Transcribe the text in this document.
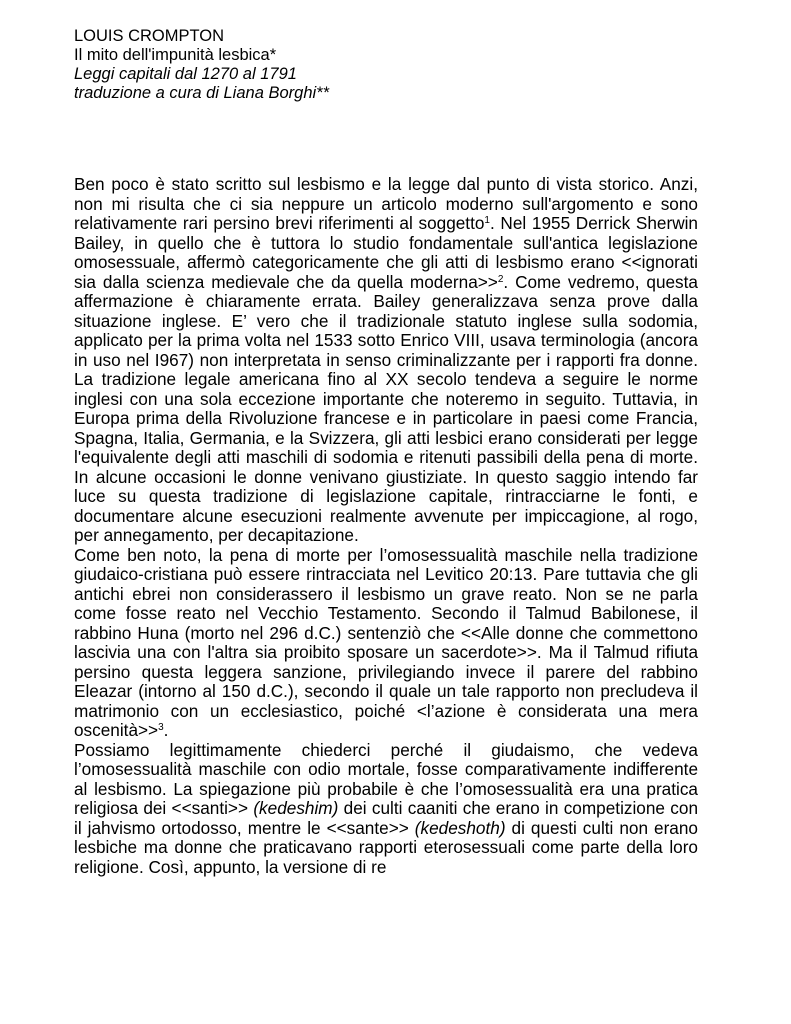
LOUIS CROMPTON
Il mito dell'impunità lesbica*
Leggi capitali dal 1270 al 1791
traduzione a cura di Liana Borghi**

Ben poco è stato scritto sul lesbismo e la legge dal punto di vista storico. Anzi, non mi risulta che ci sia neppure un articolo moderno sull'argomento e sono relativamente rari persino brevi riferimenti al soggetto$^1$. Nel 1955 Derrick Sherwin Bailey, in quello che è tuttora lo studio fondamentale sull'antica legislazione omosessuale, affermò categoricamente che gli atti di lesbismo erano <<ignorati sia dalla scienza medievale che da quella moderna>>$^2$. Come vedremo, questa affermazione è chiaramente errata. Bailey generalizzava senza prove dalla situazione inglese. E’ vero che il tradizionale statuto inglese sulla sodomia, applicato per la prima volta nel 1533 sotto Enrico VIII, usava terminologia (ancora in uso nel I967) non interpretata in senso criminalizzante per i rapporti fra donne. La tradizione legale americana fino al XX secolo tendeva a seguire le norme inglesi con una sola eccezione importante che noteremo in seguito. Tuttavia, in Europa prima della Rivoluzione francese e in particolare in paesi come Francia, Spagna, Italia, Germania, e la Svizzera, gli atti lesbici erano considerati per legge l'equivalente degli atti maschili di sodomia e ritenuti passibili della pena di morte. In alcune occasioni le donne venivano giustiziate. In questo saggio intendo far luce su questa tradizione di legislazione capitale, rintracciarne le fonti, e documentare alcune esecuzioni realmente avvenute per impiccagione, al rogo, per annegamento, per decapitazione.

Come ben noto, la pena di morte per l’omosessualità maschile nella tradizione giudaico-cristiana può essere rintracciata nel Levitico 20:13. Pare tuttavia che gli antichi ebrei non considerassero il lesbismo un grave reato. Non se ne parla come fosse reato nel Vecchio Testamento. Secondo il Talmud Babilonese, il rabbino Huna (morto nel 296 d.C.) sentenziò che <<Alle donne che commettono lascivia una con l'altra sia proibito sposare un sacerdote>>. Ma il Talmud rifiuta persino questa leggera sanzione, privilegiando invece il parere del rabbino Eleazar (intorno al 150 d.C.), secondo il quale un tale rapporto non precludeva il matrimonio con un ecclesiastico, poiché <l’azione è considerata una mera oscenità>>$^3$.

Possiamo legittimamente chiederci perché il giudaismo, che vedeva l’omosessualità maschile con odio mortale, fosse comparativamente indifferente al lesbismo. La spiegazione più probabile è che l’omosessualità era una pratica religiosa dei <<santi>> (kedeshim) dei culti caaniti che erano in competizione con il jahvismo ortodosso, mentre le <<sante>> (kedeshoth) di questi culti non erano lesbiche ma donne che praticavano rapporti eterosessuali come parte della loro religione. Così, appunto, la versione di re
